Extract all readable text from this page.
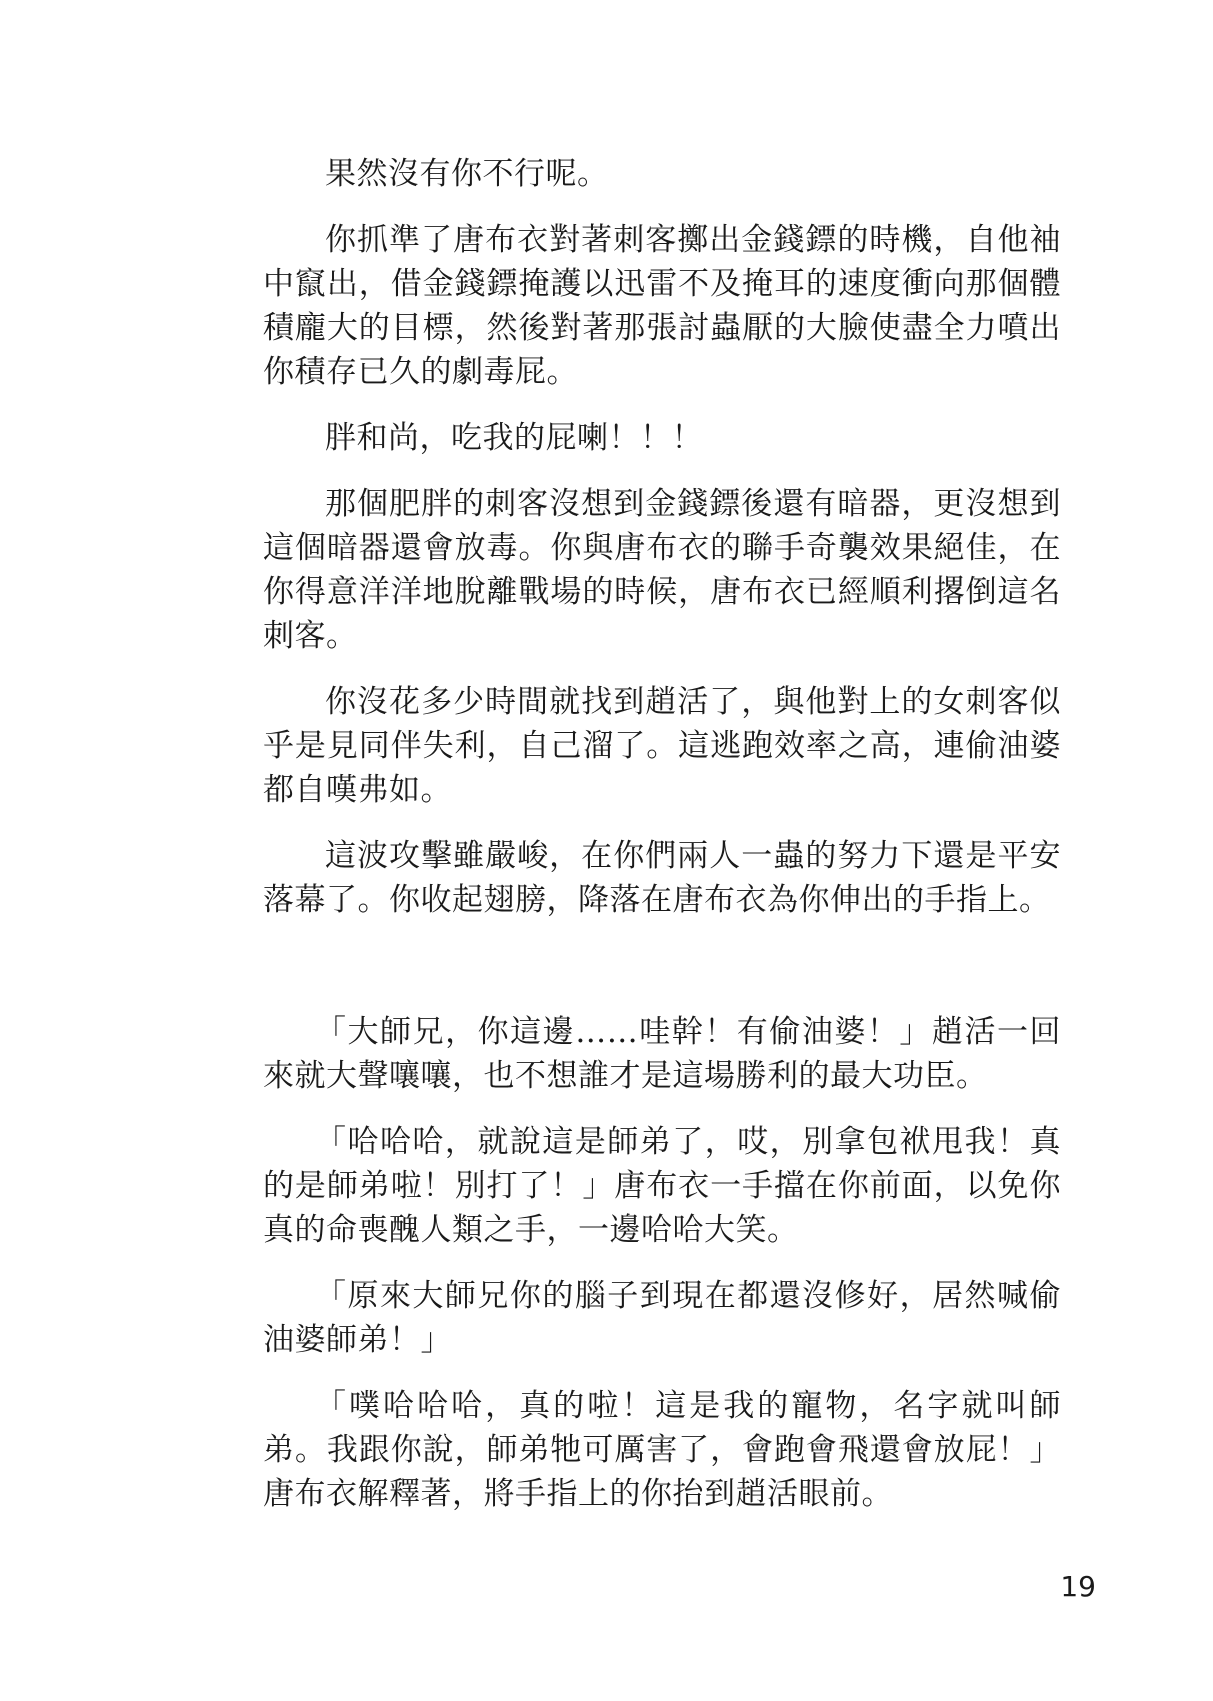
果然沒有你不行呢。

你抓準了唐布衣對著刺客擲出金錢鏢的時機，自他袖中竄出，借金錢鏢掩護以迅雷不及掩耳的速度衝向那個體積龐大的目標，然後對著那張討蟲厭的大臉使盡全力噴出你積存已久的劇毒屁。

胖和尚，吃我的屁喇！！！

那個肥胖的刺客沒想到金錢鏢後還有暗器，更沒想到這個暗器還會放毒。你與唐布衣的聯手奇襲效果絕佳，在你得意洋洋地脫離戰場的時候，唐布衣已經順利撂倒這名刺客。

你沒花多少時間就找到趙活了，與他對上的女刺客似乎是見同伴失利，自己溜了。這逃跑效率之高，連偷油婆都自嘆弗如。

這波攻擊雖嚴峻，在你們兩人一蟲的努力下還是平安落幕了。你收起翅膀，降落在唐布衣為你伸出的手指上。

「大師兄，你這邊……哇幹！有偷油婆！」趙活一回來就大聲嚷嚷，也不想誰才是這場勝利的最大功臣。

「哈哈哈，就說這是師弟了，哎，別拿包袱甩我！真的是師弟啦！別打了！」唐布衣一手擋在你前面，以免你真的命喪醜人類之手，一邊哈哈大笑。

「原來大師兄你的腦子到現在都還沒修好，居然喊偷油婆師弟！」

「噗哈哈哈，真的啦！這是我的寵物，名字就叫師弟。我跟你說，師弟牠可厲害了，會跑會飛還會放屁！」唐布衣解釋著，將手指上的你抬到趙活眼前。

19
